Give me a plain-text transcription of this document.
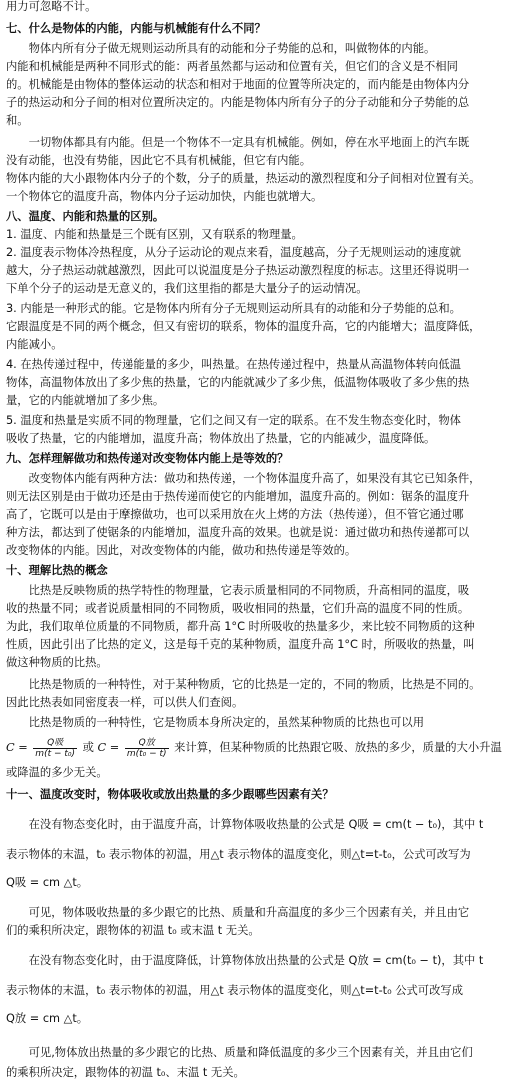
用力可忽略不计。
七、什么是物体的内能，内能与机械能有什么不同？
　　物体内所有分子做无规则运动所具有的动能和分子势能的总和，叫做物体的内能。
内能和机械能是两种不同形式的能：两者虽然都与运动和位置有关，但它们的含义是不相同
的。机械能是由物体的整体运动的状态和相对于地面的位置等所决定的，而内能是由物体内分
子的热运动和分子间的相对位置所决定的。内能是物体内所有分子的分子动能和分子势能的总
和。
　　一切物体都具有内能。但是一个物体不一定具有机械能。例如，停在水平地面上的汽车既
没有动能，也没有势能，因此它不具有机械能，但它有内能。
物体内能的大小跟物体内分子的个数，分子的质量，热运动的激烈程度和分子间相对位置有关。
一个物体它的温度升高，物体内分子运动加快，内能也就增大。
八、温度、内能和热量的区别。
1. 温度、内能和热量是三个既有区别，又有联系的物理量。
2. 温度表示物体冷热程度，从分子运动论的观点来看，温度越高，分子无规则运动的速度就
越大，分子热运动就越激烈，因此可以说温度是分子热运动激烈程度的标志。这里还得说明一
下单个分子的运动是无意义的，我们这里指的都是大量分子的运动情况。
3. 内能是一种形式的能。它是物体内所有分子无规则运动所具有的动能和分子势能的总和。
它跟温度是不同的两个概念，但又有密切的联系，物体的温度升高，它的内能增大；温度降低，
内能减小。
4. 在热传递过程中，传递能量的多少，叫热量。在热传递过程中，热量从高温物体转向低温
物体，高温物体放出了多少焦的热量，它的内能就减少了多少焦，低温物体吸收了多少焦的热
量，它的内能就增加了多少焦。
5. 温度和热量是实质不同的物理量，它们之间又有一定的联系。在不发生物态变化时，物体
吸收了热量，它的内能增加，温度升高；物体放出了热量，它的内能减少，温度降低。
九、怎样理解做功和热传递对改变物体内能上是等效的？
　　改变物体内能有两种方法：做功和热传递，一个物体温度升高了，如果没有其它已知条件，
则无法区别是由于做功还是由于热传递而使它的内能增加，温度升高的。例如：锯条的温度升
高了，它既可以是由于摩擦做功，也可以采用放在火上烤的方法（热传递），但不管它通过哪
种方法，都达到了使锯条的内能增加，温度升高的效果。也就是说：通过做功和热传递都可以
改变物体的内能。因此，对改变物体的内能，做功和热传递是等效的。
十、理解比热的概念
　　比热是反映物质的热学特性的物理量，它表示质量相同的不同物质，升高相同的温度，吸
收的热量不同；或者说质量相同的不同物质，吸收相同的热量，它们升高的温度不同的性质。
为此，我们取单位质量的不同物质，都升高 1°C 时所吸收的热量多少，来比较不同物质的这种
性质，因此引出了比热的定义，这是每千克的某种物质，温度升高 1°C 时，所吸收的热量，叫
做这种物质的比热。
　　比热是物质的一种特性，对于某种物质，它的比热是一定的，不同的物质，比热是不同的。
因此比热表如同密度表一样，可以供人们查阅。
　　比热是物质的一种特性，它是物质本身所决定的，虽然某种物质的比热也可以用
$C = \frac{\text{Q吸}}{\text{m(t − t₀)}}$ 或 $C = \frac{\text{Q放}}{\text{m(t₀ − t)}}$ 来计算，但某种物质的比热跟它吸、放热的多少，质量的大小升温
或降温的多少无关。
十一、温度改变时，物体吸收或放出热量的多少跟哪些因素有关？
　　在没有物态变化时，由于温度升高，计算物体吸收热量的公式是 Q吸 = cm(t − t₀)，其中 t
表示物体的末温，t₀ 表示物体的初温，用△t 表示物体的温度变化，则△t=t-t₀，公式可改写为
Q吸 = cm △t。
　　可见，物体吸收热量的多少跟它的比热、质量和升高温度的多少三个因素有关，并且由它
们的乘积所决定，跟物体的初温 t₀ 或末温 t 无关。
　　在没有物态变化时，由于温度降低，计算物体放出热量的公式是 Q放 = cm(t₀ − t)，其中 t
表示物体的末温，t₀ 表示物体的初温，用△t 表示物体的温度变化，则△t=t-t₀ 公式可改写成
Q放 = cm △t。
　　可见,物体放出热量的多少跟它的比热、质量和降低温度的多少三个因素有关，并且由它们
的乘积所决定，跟物体的初温 t₀、末温 t 无关。
